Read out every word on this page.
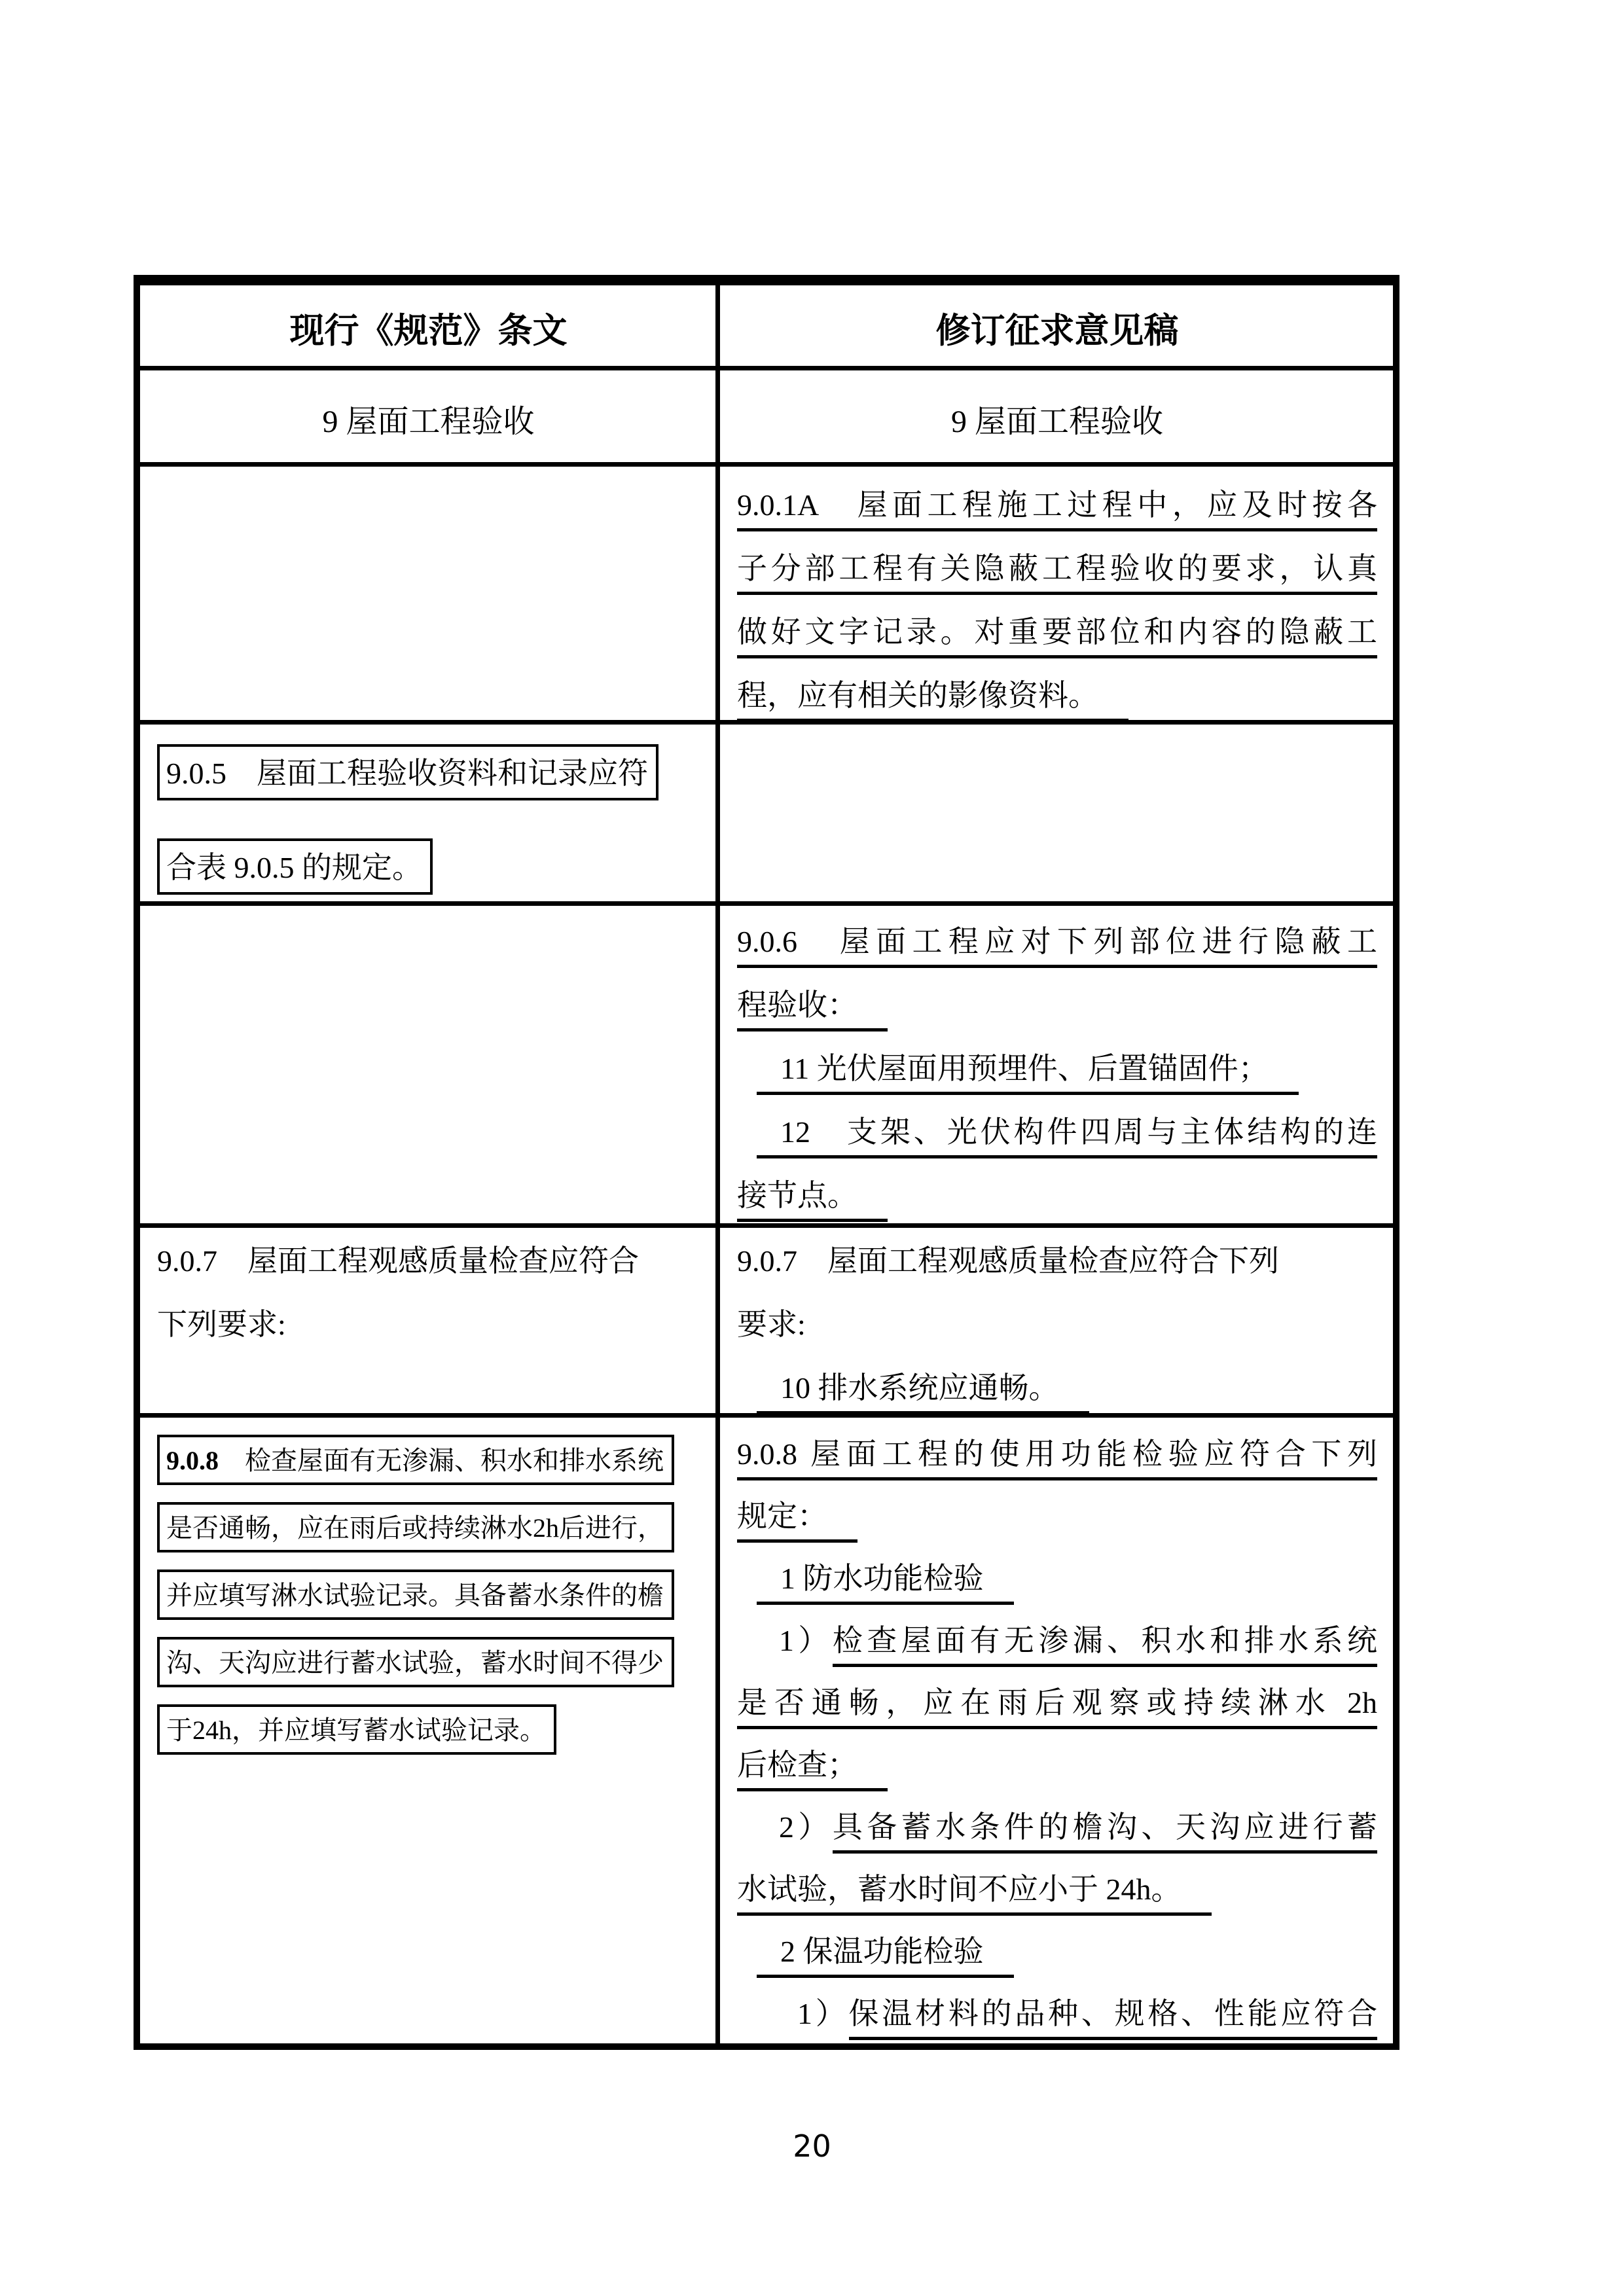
现行《规范》条文	修订征求意见稿
9 屋面工程验收	9 屋面工程验收
9.0.1A　屋面工程施工过程中，应及时按各
子分部工程有关隐蔽工程验收的要求，认真
做好文字记录。对重要部位和内容的隐蔽工
程，应有相关的影像资料。
9.0.5　屋面工程验收资料和记录应符
合表 9.0.5 的规定。
9.0.6　屋面工程应对下列部位进行隐蔽工
程验收：
11 光伏屋面用预埋件、后置锚固件；
12　支架、光伏构件四周与主体结构的连
接节点。
9.0.7　屋面工程观感质量检查应符合
下列要求:
9.0.7　屋面工程观感质量检查应符合下列
要求:
10 排水系统应通畅。
9.0.8　检查屋面有无渗漏、积水和排水系统
是否通畅，应在雨后或持续淋水2h后进行，
并应填写淋水试验记录。具备蓄水条件的檐
沟、天沟应进行蓄水试验，蓄水时间不得少
于24h，并应填写蓄水试验记录。
9.0.8 屋面工程的使用功能检验应符合下列
规定：
1 防水功能检验
1）检查屋面有无渗漏、积水和排水系统
是否通畅，应在雨后观察或持续淋水 2h
后检查；
2）具备蓄水条件的檐沟、天沟应进行蓄
水试验，蓄水时间不应小于 24h。
2 保温功能检验
1）保温材料的品种、规格、性能应符合
20
